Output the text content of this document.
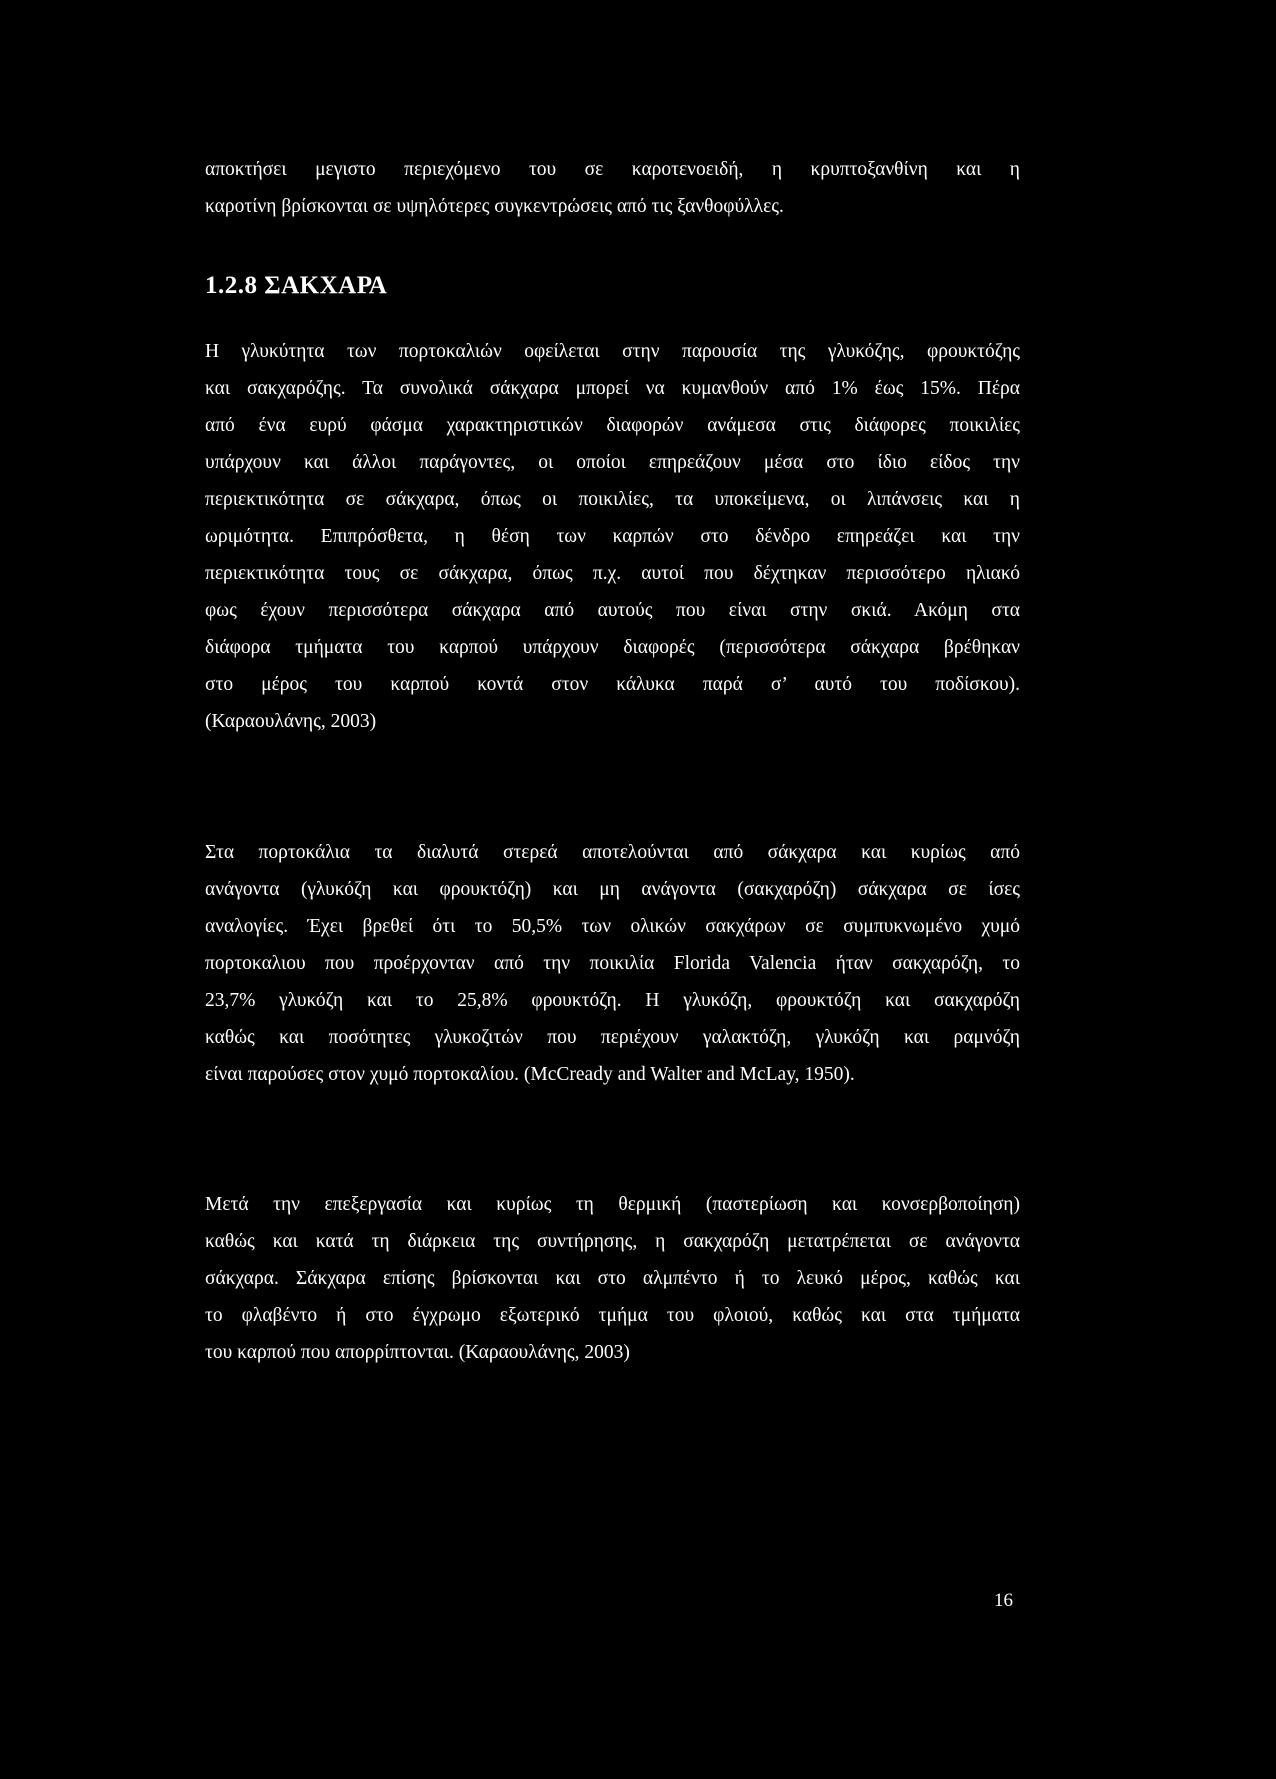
αποκτήσει μεγιστο περιεχόμενο του σε καροτενοειδή, η κρυπτοξανθίνη και η
καροτίνη βρίσκονται σε υψηλότερες συγκεντρώσεις από τις ξανθοφύλλες.
1.2.8 ΣΑΚΧΑΡΑ
Η γλυκύτητα των πορτοκαλιών οφείλεται στην παρουσία της γλυκόζης, φρουκτόζης
και σακχαρόζης. Τα συνολικά σάκχαρα μπορεί να κυμανθούν από 1% έως 15%. Πέρα
από ένα ευρύ φάσμα χαρακτηριστικών διαφορών ανάμεσα στις διάφορες ποικιλίες
υπάρχουν και άλλοι παράγοντες, οι οποίοι επηρεάζουν μέσα στο ίδιο είδος την
περιεκτικότητα σε σάκχαρα, όπως οι ποικιλίες, τα υποκείμενα, οι λιπάνσεις και η
ωριμότητα. Επιπρόσθετα, η θέση των καρπών στο δένδρο επηρεάζει και την
περιεκτικότητα τους σε σάκχαρα, όπως π.χ. αυτοί που δέχτηκαν περισσότερο ηλιακό
φως έχουν περισσότερα σάκχαρα από αυτούς που είναι στην σκιά. Ακόμη στα
διάφορα τμήματα του καρπού υπάρχουν διαφορές (περισσότερα σάκχαρα βρέθηκαν
στο μέρος του καρπού κοντά στον κάλυκα παρά σ’ αυτό του ποδίσκου).
(Καραουλάνης, 2003)
Στα πορτοκάλια τα διαλυτά στερεά αποτελούνται από σάκχαρα και κυρίως από
ανάγοντα (γλυκόζη και φρουκτόζη) και μη ανάγοντα (σακχαρόζη) σάκχαρα σε ίσες
αναλογίες. Έχει βρεθεί ότι το 50,5% των ολικών σακχάρων σε συμπυκνωμένο χυμό
πορτοκαλιου που προέρχονταν από την ποικιλία Florida Valencia ήταν σακχαρόζη, το
23,7% γλυκόζη και το 25,8% φρουκτόζη. Η γλυκόζη, φρουκτόζη και σακχαρόζη
καθώς και ποσότητες γλυκοζιτών που περιέχουν γαλακτόζη, γλυκόζη και ραμνόζη
είναι παρούσες στον χυμό πορτοκαλίου. (McCready and Walter and McLay, 1950).
Μετά την επεξεργασία και κυρίως τη θερμική (παστερίωση και κονσερβοποίηση)
καθώς και κατά τη διάρκεια της συντήρησης, η σακχαρόζη μετατρέπεται σε ανάγοντα
σάκχαρα. Σάκχαρα επίσης βρίσκονται και στο αλμπέντο ή το λευκό μέρος, καθώς και
το φλαβέντο ή στο έγχρωμο εξωτερικό τμήμα του φλοιού, καθώς και στα τμήματα
του καρπού που απορρίπτονται. (Καραουλάνης, 2003)
16
